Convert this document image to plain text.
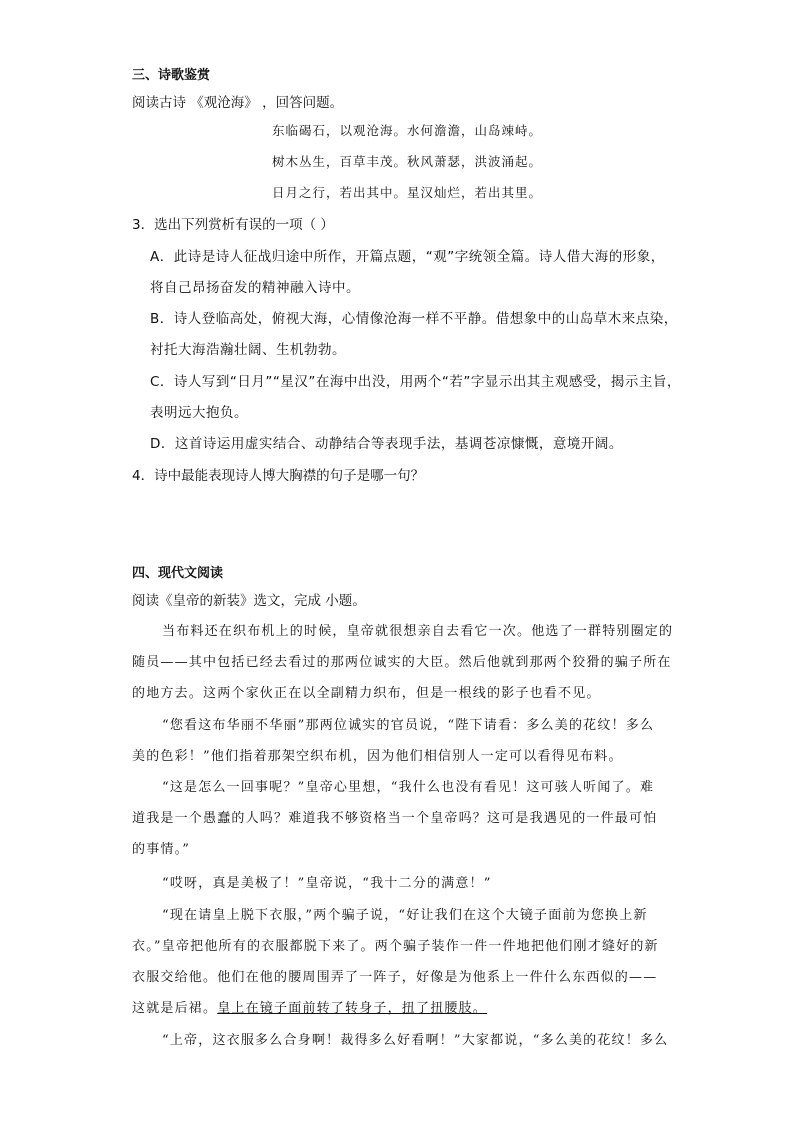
三、诗歌鉴赏
阅读古诗 《观沧海》 ，回答问题。
东临碣石，以观沧海。水何澹澹，山岛竦峙。
树木丛生，百草丰茂。秋风萧瑟，洪波涌起。
日月之行，若出其中。星汉灿烂，若出其里。
3．选出下列赏析有误的一项（ ）
A．此诗是诗人征战归途中所作，开篇点题，“观”字统领全篇。诗人借大海的形象，
将自己昂扬奋发的精神融入诗中。
B．诗人登临高处，俯视大海，心情像沧海一样不平静。借想象中的山岛草木来点染，
衬托大海浩瀚壮阔、生机勃勃。
C．诗人写到“日月”“星汉”在海中出没，用两个“若”字显示出其主观感受，揭示主旨，
表明远大抱负。
D．这首诗运用虚实结合、动静结合等表现手法，基调苍凉慷慨，意境开阔。
4．诗中最能表现诗人博大胸襟的句子是哪一句？
四、现代文阅读
阅读《皇帝的新装》选文，完成 小题。
当布料还在织布机上的时候，皇帝就很想亲自去看它一次。他选了一群特别圈定的
随员——其中包括已经去看过的那两位诚实的大臣。然后他就到那两个狡猾的骗子所在
的地方去。这两个家伙正在以全副精力织布，但是一根线的影子也看不见。
“您看这布华丽不华丽”那两位诚实的官员说，“陛下请看：多么美的花纹！多么
美的色彩！”他们指着那架空织布机，因为他们相信别人一定可以看得见布料。
“这是怎么一回事呢？”皇帝心里想，“我什么也没有看见！这可骇人听闻了。难
道我是一个愚蠢的人吗？难道我不够资格当一个皇帝吗？这可是我遇见的一件最可怕
的事情。”
“哎呀，真是美极了！”皇帝说，“我十二分的满意！”
“现在请皇上脱下衣服，”两个骗子说，“好让我们在这个大镜子面前为您换上新
衣。”皇帝把他所有的衣服都脱下来了。两个骗子装作一件一件地把他们刚才缝好的新
衣服交给他。他们在他的腰周围弄了一阵子，好像是为他系上一件什么东西似的——
这就是后裙。皇上在镜子面前转了转身子，扭了扭腰肢。
“上帝，这衣服多么合身啊！裁得多么好看啊！”大家都说，“多么美的花纹！多么
